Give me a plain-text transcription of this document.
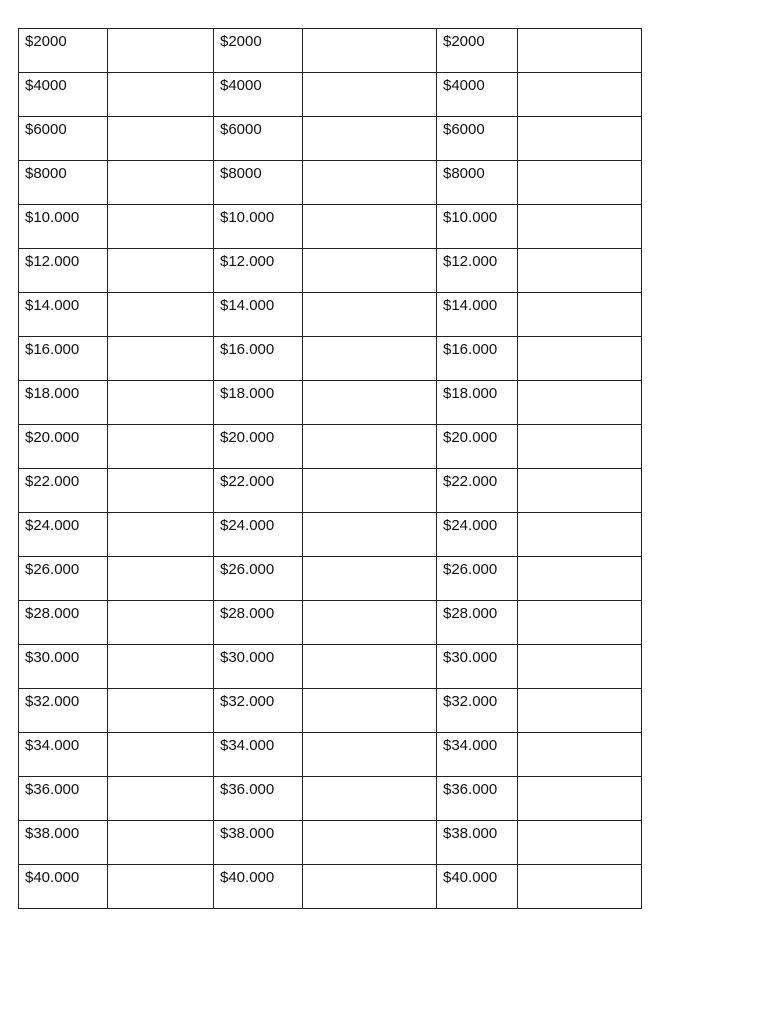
$2000		$2000		$2000	
$4000		$4000		$4000	
$6000		$6000		$6000	
$8000		$8000		$8000	
$10.000		$10.000		$10.000	
$12.000		$12.000		$12.000	
$14.000		$14.000		$14.000	
$16.000		$16.000		$16.000	
$18.000		$18.000		$18.000	
$20.000		$20.000		$20.000	
$22.000		$22.000		$22.000	
$24.000		$24.000		$24.000	
$26.000		$26.000		$26.000	
$28.000		$28.000		$28.000	
$30.000		$30.000		$30.000	
$32.000		$32.000		$32.000	
$34.000		$34.000		$34.000	
$36.000		$36.000		$36.000	
$38.000		$38.000		$38.000	
$40.000		$40.000		$40.000	
